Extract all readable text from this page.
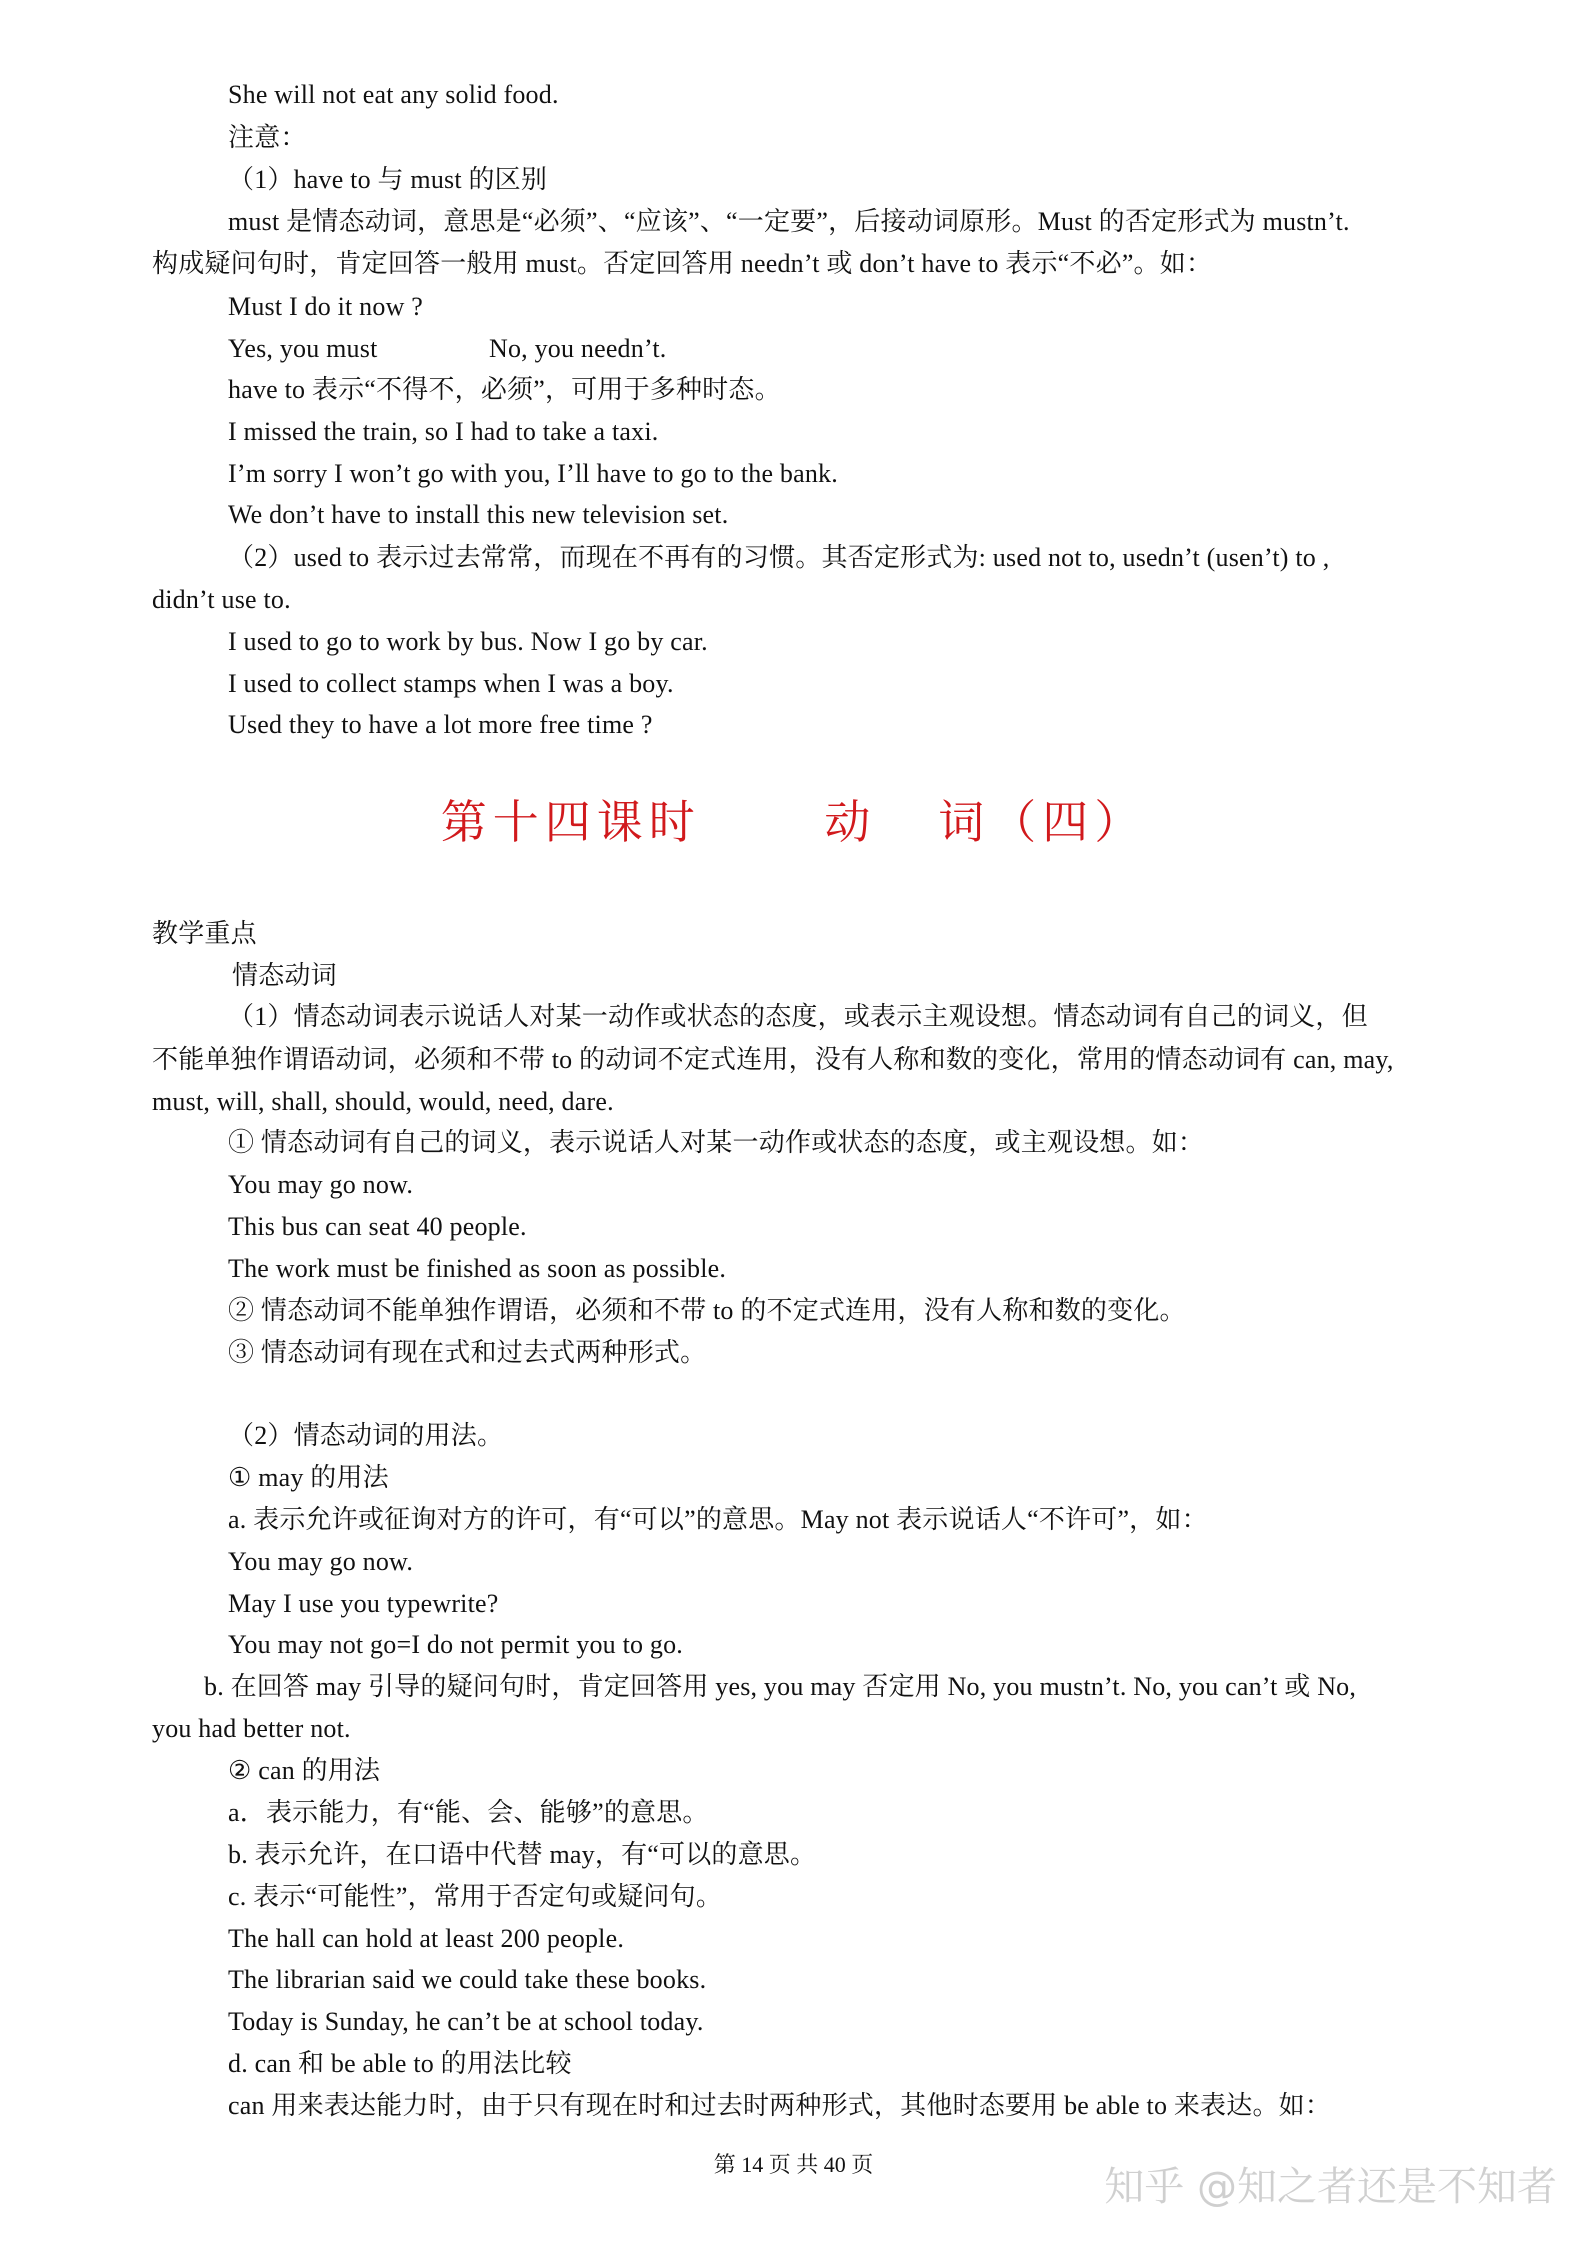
She will not eat any solid food.
注意：
（1）have to 与 must 的区别
must 是情态动词，意思是“必须”、“应该”、“一定要”，后接动词原形。Must 的否定形式为 mustn’t.
构成疑问句时，肯定回答一般用 must。否定回答用 needn’t 或 don’t have to 表示“不必”。如：
Must I do it now ?
Yes, you must	No, you needn’t.
have to 表示“不得不，必须”，可用于多种时态。
I missed the train, so I had to take a taxi.
I’m sorry I won’t go with you, I’ll have to go to the bank.
We don’t have to install this new television set.
（2）used to 表示过去常常，而现在不再有的习惯。其否定形式为: used not to, usedn’t (usen’t) to ,
didn’t use to.
I used to go to work by bus. Now I go by car.
I used to collect stamps when I was a boy.
Used they to have a lot more free time ?
第十四课时      动   词（四）
教学重点
情态动词
（1）情态动词表示说话人对某一动作或状态的态度，或表示主观设想。情态动词有自己的词义，但
不能单独作谓语动词，必须和不带 to 的动词不定式连用，没有人称和数的变化，常用的情态动词有 can, may,
must, will, shall, should, would, need, dare.
① 情态动词有自己的词义，表示说话人对某一动作或状态的态度，或主观设想。如：
You may go now.
This bus can seat 40 people.
The work must be finished as soon as possible.
② 情态动词不能单独作谓语，必须和不带 to 的不定式连用，没有人称和数的变化。
③ 情态动词有现在式和过去式两种形式。
（2）情态动词的用法。
① may 的用法
a. 表示允许或征询对方的许可，有“可以”的意思。May not 表示说话人“不许可”，如：
You may go now.
May I use you typewrite?
You may not go=I do not permit you to go.
b. 在回答 may 引导的疑问句时，肯定回答用 yes, you may 否定用 No, you mustn’t. No, you can’t 或 No,
you had better not.
② can 的用法
a．表示能力，有“能、会、能够”的意思。
b. 表示允许，在口语中代替 may，有“可以的意思。
c. 表示“可能性”，常用于否定句或疑问句。
The hall can hold at least 200 people.
The librarian said we could take these books.
Today is Sunday, he can’t be at school today.
d. can 和 be able to 的用法比较
can 用来表达能力时，由于只有现在时和过去时两种形式，其他时态要用 be able to 来表达。如：
第 14 页 共 40 页	知乎 @知之者还是不知者
